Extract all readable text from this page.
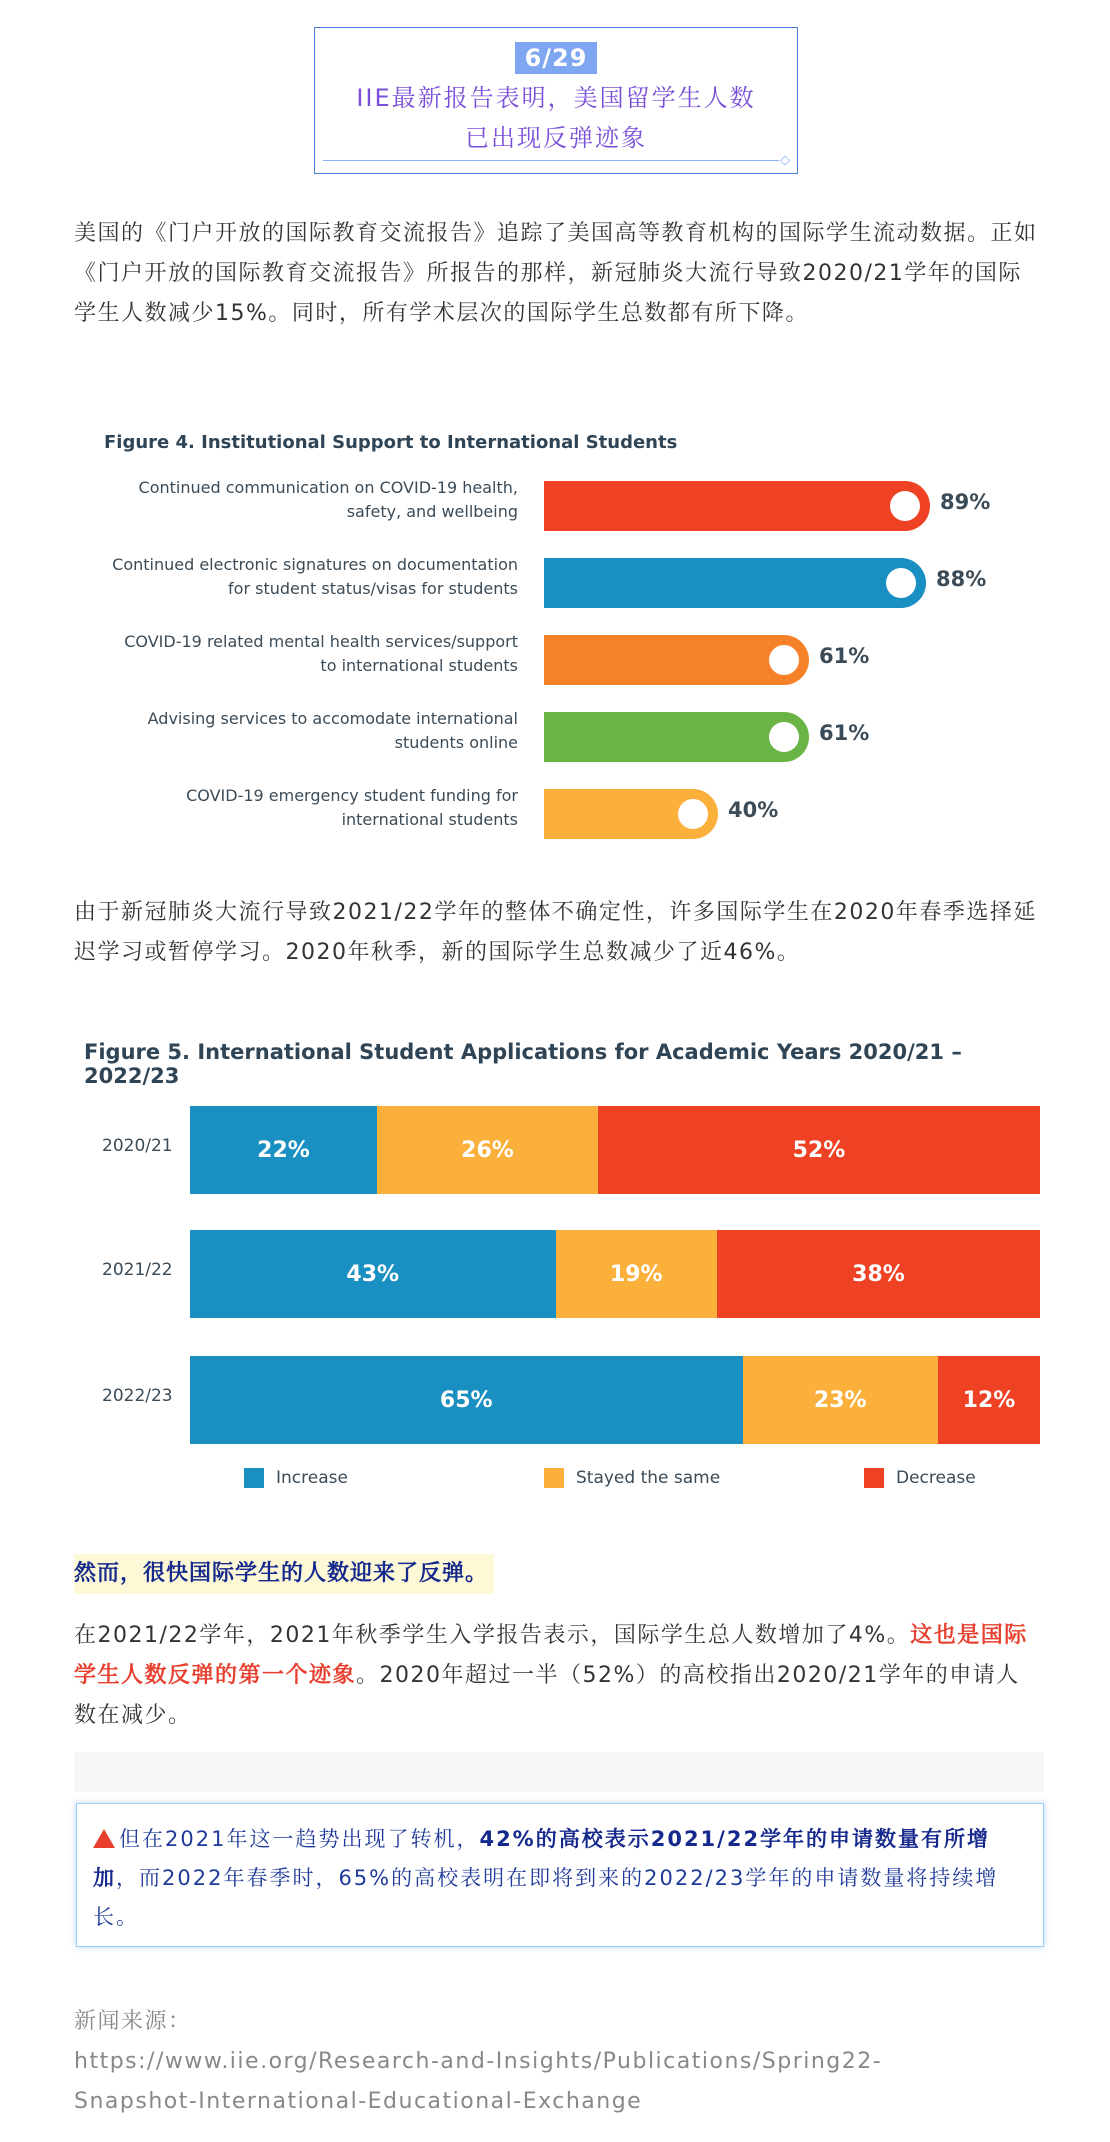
6/29
IIE最新报告表明，美国留学生人数
已出现反弹迹象
◇
美国的《门户开放的国际教育交流报告》追踪了美国高等教育机构的国际学生流动数据。正如《门户开放的国际教育交流报告》所报告的那样，新冠肺炎大流行导致2020/21学年的国际学生人数减少15%。同时，所有学术层次的国际学生总数都有所下降。
Figure 4. Institutional Support to International Students
Continued communication on COVID-19 health,
safety, and wellbeing	89%
Continued electronic signatures on documentation
for student status/visas for students	88%
COVID-19 related mental health services/support
to international students	61%
Advising services to accomodate international
students online	61%
COVID-19 emergency student funding for
international students	40%
由于新冠肺炎大流行导致2021/22学年的整体不确定性，许多国际学生在2020年春季选择延迟学习或暂停学习。2020年秋季，新的国际学生总数减少了近46%。
Figure 5. International Student Applications for Academic Years 2020/21 – 2022/23
2020/21	22%	26%	52%
2021/22	43%	19%	38%
2022/23	65%	23%	12%
Increase	Stayed the same	Decrease
然而，很快国际学生的人数迎来了反弹。
在2021/22学年，2021年秋季学生入学报告表示，国际学生总人数增加了4%。这也是国际学生人数反弹的第一个迹象。2020年超过一半（52%）的高校指出2020/21学年的申请人数在减少。
但在2021年这一趋势出现了转机，42%的高校表示2021/22学年的申请数量有所增加，而2022年春季时，65%的高校表明在即将到来的2022/23学年的申请数量将持续增长。
新闻来源：
https://www.iie.org/Research-and-Insights/Publications/Spring22-
Snapshot-International-Educational-Exchange
